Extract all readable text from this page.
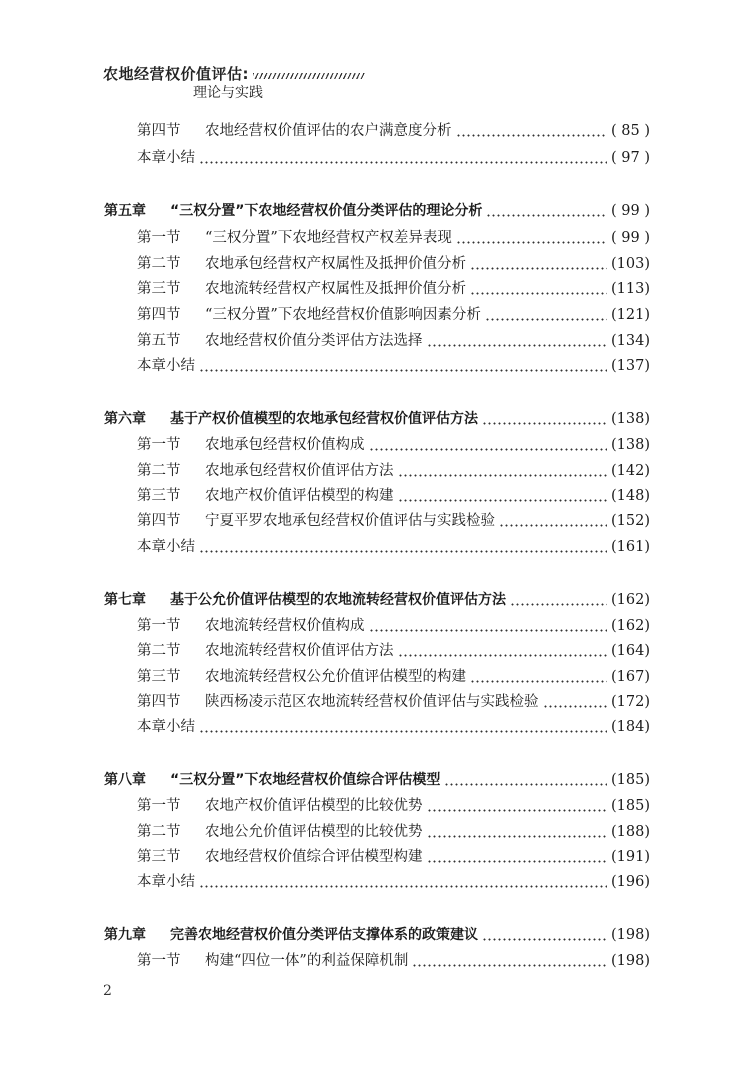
农地经营权价值评估:
理论与实践
第四节	农地经营权价值评估的农户满意度分析	( 85 )
本章小结	( 97 )
第五章	“三权分置”下农地经营权价值分类评估的理论分析	( 99 )
第一节	“三权分置”下农地经营权产权差异表现	( 99 )
第二节	农地承包经营权产权属性及抵押价值分析	(103)
第三节	农地流转经营权产权属性及抵押价值分析	(113)
第四节	“三权分置”下农地经营权价值影响因素分析	(121)
第五节	农地经营权价值分类评估方法选择	(134)
本章小结	(137)
第六章	基于产权价值模型的农地承包经营权价值评估方法	(138)
第一节	农地承包经营权价值构成	(138)
第二节	农地承包经营权价值评估方法	(142)
第三节	农地产权价值评估模型的构建	(148)
第四节	宁夏平罗农地承包经营权价值评估与实践检验	(152)
本章小结	(161)
第七章	基于公允价值评估模型的农地流转经营权价值评估方法	(162)
第一节	农地流转经营权价值构成	(162)
第二节	农地流转经营权价值评估方法	(164)
第三节	农地流转经营权公允价值评估模型的构建	(167)
第四节	陕西杨凌示范区农地流转经营权价值评估与实践检验	(172)
本章小结	(184)
第八章	“三权分置”下农地经营权价值综合评估模型	(185)
第一节	农地产权价值评估模型的比较优势	(185)
第二节	农地公允价值评估模型的比较优势	(188)
第三节	农地经营权价值综合评估模型构建	(191)
本章小结	(196)
第九章	完善农地经营权价值分类评估支撑体系的政策建议	(198)
第一节	构建“四位一体”的利益保障机制	(198)
2
